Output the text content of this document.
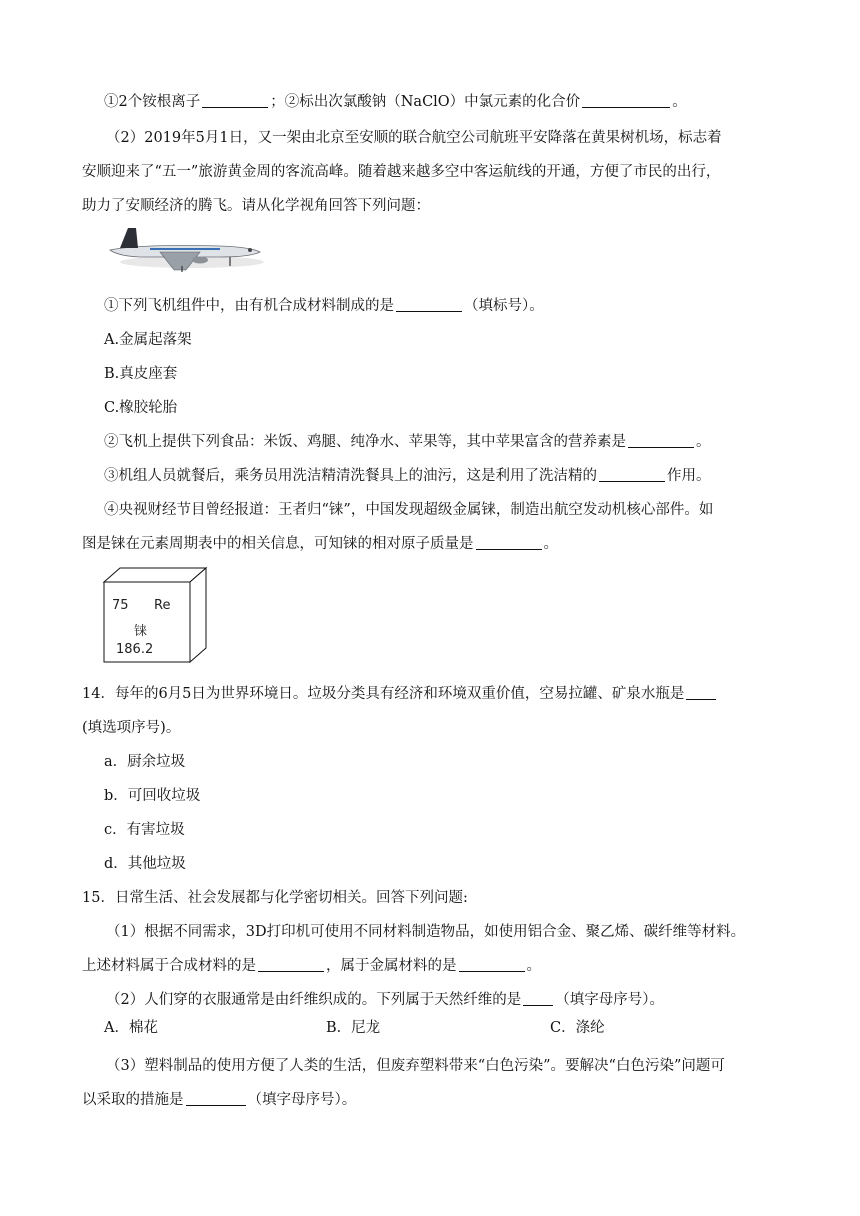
①2个铵根离子	；②标出次氯酸钠（NaClO）中氯元素的化合价	。
（2）2019年5月1日，又一架由北京至安顺的联合航空公司航班平安降落在黄果树机场，标志着
安顺迎来了“五一”旅游黄金周的客流高峰。随着越来越多空中客运航线的开通，方便了市民的出行，
助力了安顺经济的腾飞。请从化学视角回答下列问题：
①下列飞机组件中，由有机合成材料制成的是	（填标号）。
A.金属起落架
B.真皮座套
C.橡胶轮胎
②飞机上提供下列食品：米饭、鸡腿、纯净水、苹果等，其中苹果富含的营养素是	。
③机组人员就餐后，乘务员用洗洁精清洗餐具上的油污，这是利用了洗洁精的	作用。
④央视财经节目曾经报道：王者归“铼”，中国发现超级金属铼，制造出航空发动机核心部件。如
图是铼在元素周期表中的相关信息，可知铼的相对原子质量是	。
75 Re
铼
186.2
14．每年的6月5日为世界环境日。垃圾分类具有经济和环境双重价值，空易拉罐、矿泉水瓶是
(填选项序号)。
a．厨余垃圾
b．可回收垃圾
c．有害垃圾
d．其他垃圾
15．日常生活、社会发展都与化学密切相关。回答下列问题:
（1）根据不同需求，3D打印机可使用不同材料制造物品，如使用铝合金、聚乙烯、碳纤维等材料。
上述材料属于合成材料的是	，属于金属材料的是	。
（2）人们穿的衣服通常是由纤维织成的。下列属于天然纤维的是 （填字母序号）。
A．棉花	B．尼龙	C．涤纶
（3）塑料制品的使用方便了人类的生活，但废弃塑料带来“白色污染”。要解决“白色污染”问题可
以采取的措施是	（填字母序号）。
